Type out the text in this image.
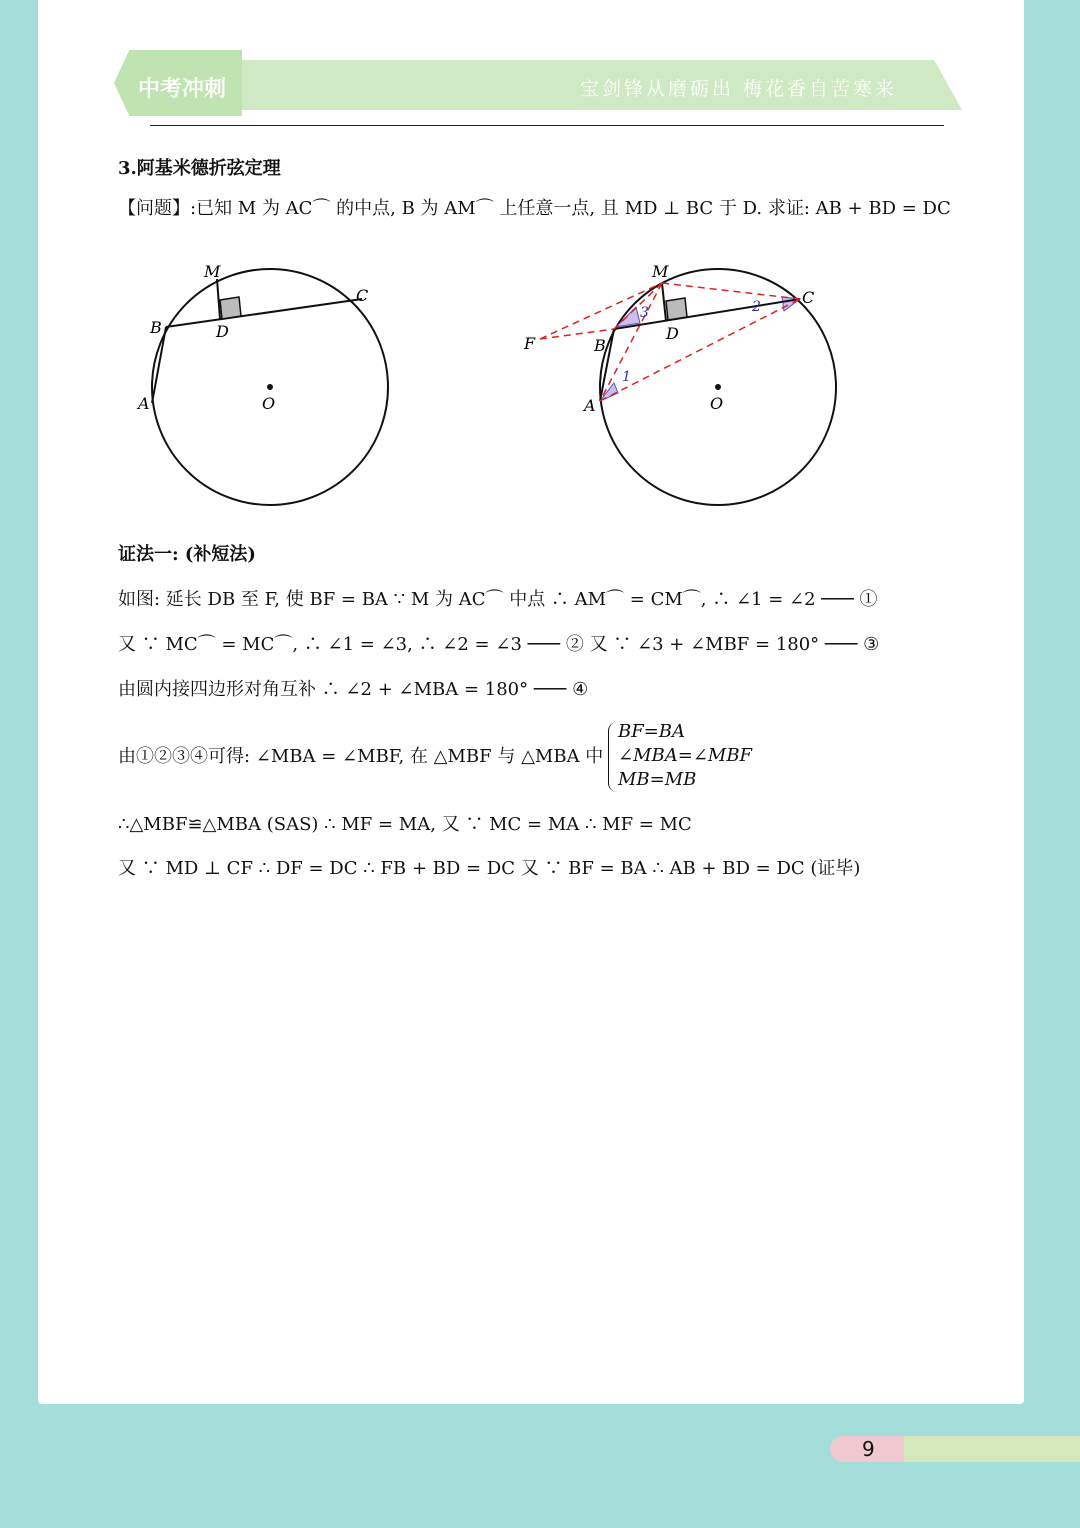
宝剑锋从磨砺出 梅花香自苦寒来
中考冲刺
3.阿基米德折弦定理
【问题】:已知 M 为 AC⌒ 的中点, B 为 AM⌒ 上任意一点, 且 MD ⊥ BC 于 D. 求证: AB + BD = DC
M
C
B	D
A	O
M
C
B
D
A	O
F
1
2
3
证法一: (补短法)
如图: 延长 DB 至 F, 使 BF = BA ∵ M 为 AC⌒ 中点 ∴ AM⌒ = CM⌒, ∴ ∠1 = ∠2 ─── ①
又 ∵ MC⌒ = MC⌒, ∴ ∠1 = ∠3, ∴ ∠2 = ∠3 ─── ② 又 ∵ ∠3 + ∠MBF = 180° ─── ③
由圆内接四边形对角互补 ∴ ∠2 + ∠MBA = 180° ─── ④
由①②③④可得: ∠MBA = ∠MBF, 在 △MBF 与 △MBA 中
BF=BA
∠MBA=∠MBF
MB=MB
∴△MBF≌△MBA (SAS) ∴ MF = MA, 又 ∵ MC = MA ∴ MF = MC
又 ∵ MD ⊥ CF ∴ DF = DC ∴ FB + BD = DC 又 ∵ BF = BA ∴ AB + BD = DC (证毕)
9
